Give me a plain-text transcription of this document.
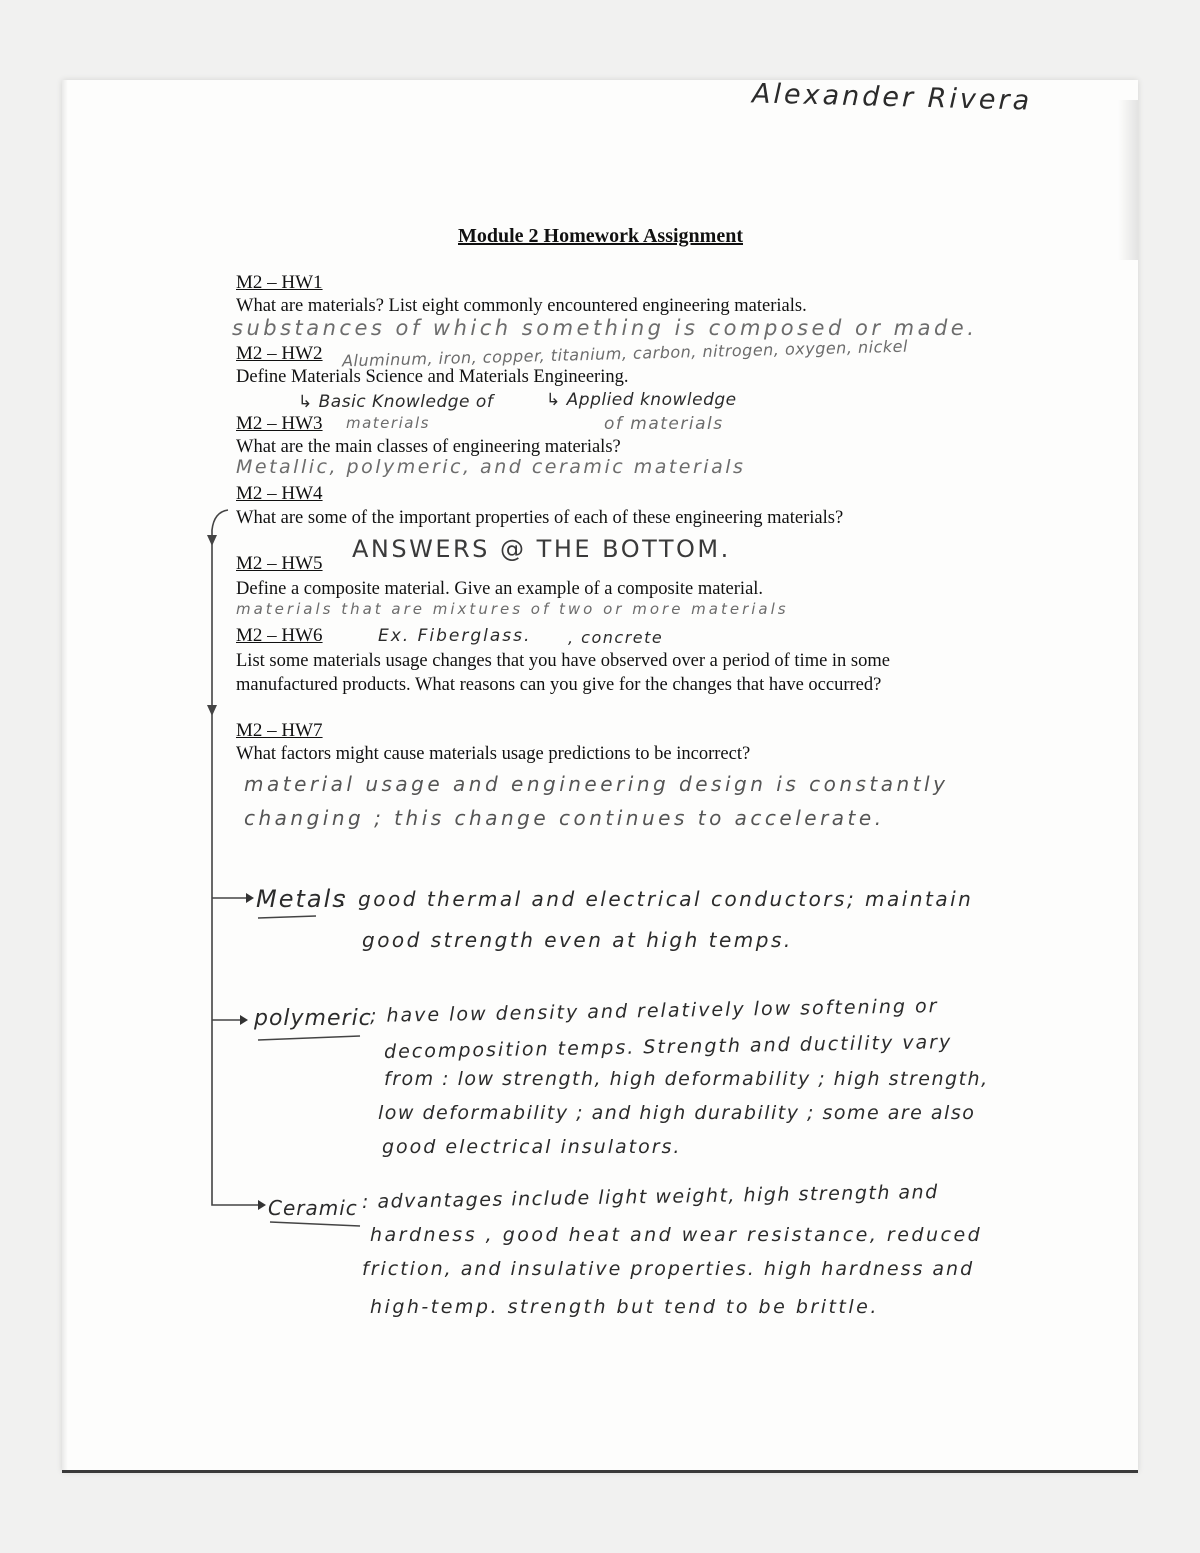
Alexander Rivera
Module 2 Homework Assignment
M2 – HW1
What are materials? List eight commonly encountered engineering materials.
substances of which something is composed or made.
M2 – HW2 Aluminum, iron, copper, titanium, carbon, nitrogen, oxygen, nickel
Define Materials Science and Materials Engineering.
↳ Basic Knowledge of
materials
↳ Applied knowledge
of materials
M2 – HW3
What are the main classes of engineering materials?
Metallic, polymeric, and ceramic materials
M2 – HW4
What are some of the important properties of each of these engineering materials?
ANSWERS @ THE BOTTOM.
M2 – HW5
Define a composite material. Give an example of a composite material.
materials that are mixtures of two or more materials
M2 – HW6	Ex. Fiberglass. , concrete
List some materials usage changes that you have observed over a period of time in some
manufactured products. What reasons can you give for the changes that have occurred?
M2 – HW7
What factors might cause materials usage predictions to be incorrect?
material usage and engineering design is constantly
changing ; this change continues to accelerate.
Metals
: good thermal and electrical conductors; maintain
good strength even at high temps.
polymeric
; have low density and relatively low softening or
decomposition temps. Strength and ductility vary
from : low strength, high deformability ; high strength,
low deformability ; and high durability ; some are also
good electrical insulators.
Ceramic : advantages include light weight, high strength and
hardness , good heat and wear resistance, reduced
friction, and insulative properties. high hardness and
high-temp. strength but tend to be brittle.
